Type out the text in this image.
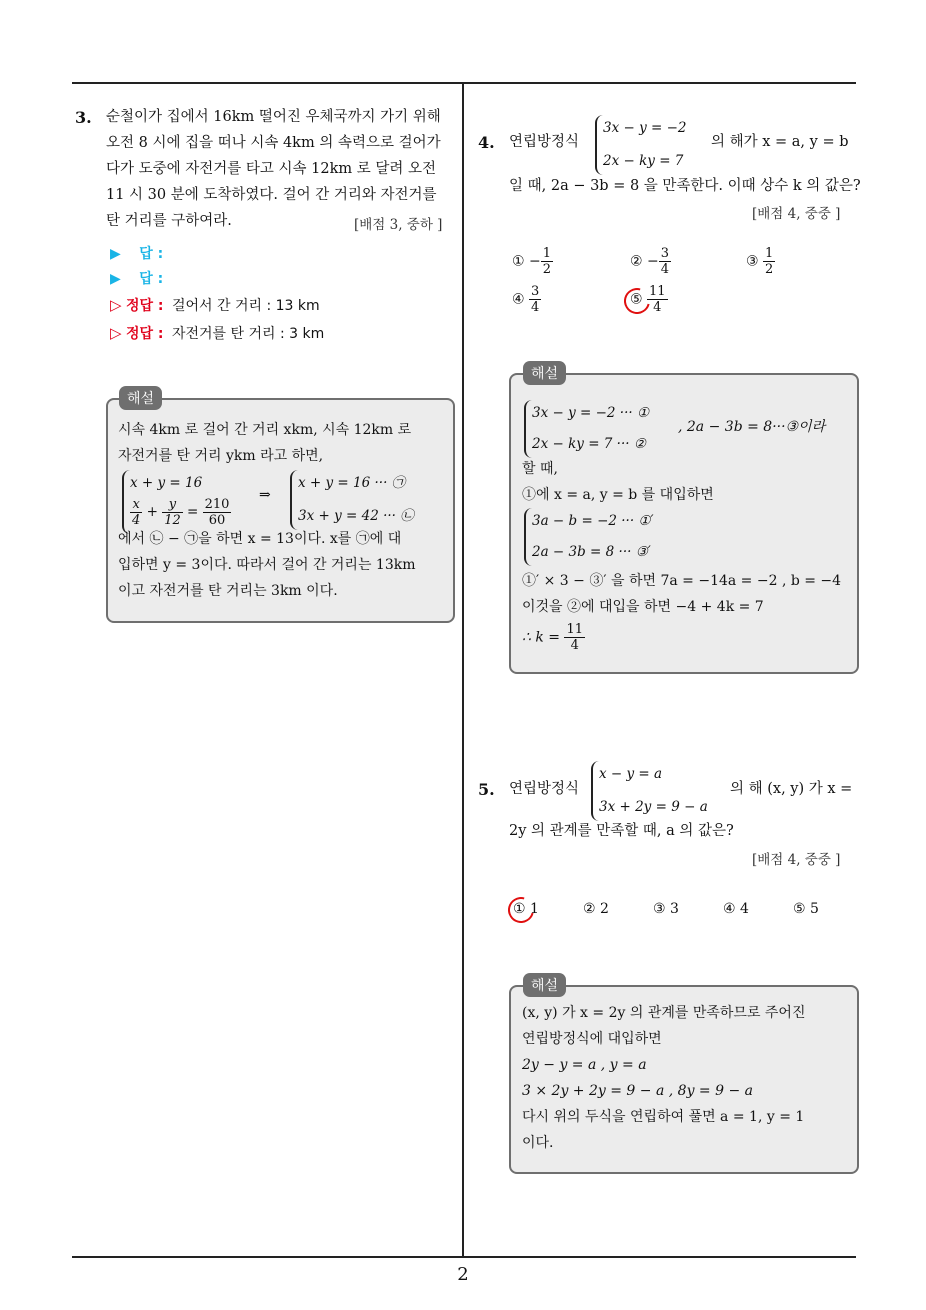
3. 순철이가 집에서 16km 떨어진 우체국까지 가기 위해
오전 8 시에 집을 떠나 시속 4km 의 속력으로 걸어가
다가 도중에 자전거를 타고 시속 12km 로 달려 오전
11 시 30 분에 도착하였다. 걸어 간 거리와 자전거를
탄 거리를 구하여라.	[배점 3, 중하 ]
▶ 답 :
▶ 답 :
▷ 정답 : 걸어서 간 거리 : 13 km
▷ 정답 : 자전거를 탄 거리 : 3 km
해설
시속 4km 로 걸어 간 거리 xkm, 시속 12km 로
자전거를 탄 거리 ykm 라고 하면,
x + y = 16
$\frac{x}{4} + \frac{y}{12} = \frac{210}{60}$
⇒
x + y = 16 ··· ㉠
3x + y = 42 ··· ㉡
에서 ㉡ − ㉠을 하면 x = 13이다. x를 ㉠에 대
입하면 y = 3이다. 따라서 걸어 간 거리는 13km
이고 자전거를 탄 거리는 3km 이다.
4. 연립방정식
3x − y = −2
2x − ky = 7
의 해가 x = a, y = b
일 때, 2a − 3b = 8 을 만족한다. 이때 상수 k 의 값은?
[배점 4, 중중 ]
① − $\frac{1}{2}$	② − $\frac{3}{4}$	③ $\frac{1}{2}$
④ $\frac{3}{4}$	⑤ $\frac{11}{4}$
해설
3x − y = −2 ··· ①
2x − ky = 7 ··· ②
, 2a − 3b = 8···③이라
할 때,
①에 x = a, y = b 를 대입하면
3a − b = −2 ··· ①′
2a − 3b = 8 ··· ③′
①′ × 3 − ③′ 을 하면 7a = −14a = −2 , b = −4
이것을 ②에 대입을 하면 −4 + 4k = 7
∴ $k = \frac{11}{4}$
5. 연립방정식
x − y = a
3x + 2y = 9 − a
의 해 (x, y) 가 x =
2y 의 관계를 만족할 때, a 의 값은?
[배점 4, 중중 ]
① 1	② 2	③ 3	④ 4	⑤ 5
해설
(x, y) 가 x = 2y 의 관계를 만족하므로 주어진
연립방정식에 대입하면
2y − y = a , y = a
3 × 2y + 2y = 9 − a , 8y = 9 − a
다시 위의 두식을 연립하여 풀면 a = 1, y = 1
이다.
2
